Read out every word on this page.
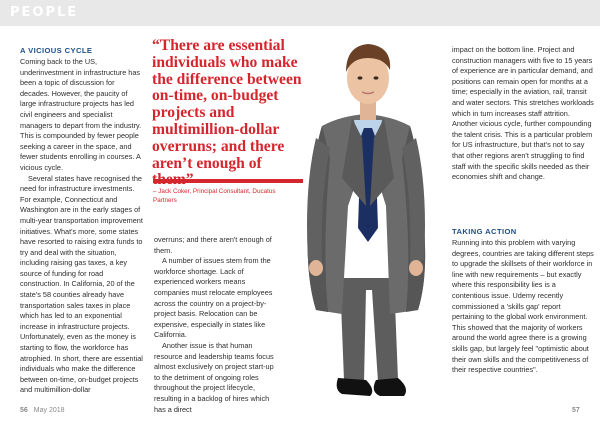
PEOPLE
A VICIOUS CYCLE

Coming back to the US, underinvestment in infrastructure has been a topic of discussion for decades. However, the paucity of large infrastructure projects has led civil engineers and specialist managers to depart from the industry. This is compounded by fewer people seeking a career in the space, and fewer students enrolling in courses. A vicious cycle.

Several states have recognised the need for infrastructure investments. For example, Connecticut and Washington are in the early stages of multi-year transportation improvement initiatives. What's more, some states have resorted to raising extra funds to try and deal with the situation, including raising gas taxes, a key source of funding for road construction. In California, 20 of the state's 58 counties already have transportation sales taxes in place which has led to an exponential increase in infrastructure projects. Unfortunately, even as the money is starting to flow, the workforce has atrophied. In short, there are essential individuals who make the difference between on-time, on-budget projects and multimillion-dollar

“There are essential individuals who make the difference between on-time, on-budget projects and multimillion-dollar overruns; and there aren’t enough of
– Jack Coker, Principal Consultant, Ducatus Partners

overruns; and there aren't enough of them.

A number of issues stem from the workforce shortage. Lack of experienced workers means companies must relocate employees across the country on a project-by-project basis. Relocation can be expensive, especially in states like California.

Another issue is that human resource and leadership teams focus almost exclusively on project start-up to the detriment of ongoing roles throughout the project lifecycle, resulting in a backlog of hires which has a direct

impact on the bottom line. Project and construction managers with five to 15 years of experience are in particular demand, and positions can remain open for months at a time; especially in the aviation, rail, transit and water sectors. This stretches workloads which in turn increases staff attrition. Another vicious cycle, further compounding the talent crisis. This is a particular problem for US infrastructure, but that's not to say that other regions aren't struggling to find staff with the specific skills needed as their economies shift and change.
TAKING ACTION

Running into this problem with varying degrees, countries are taking different steps to upgrade the skillsets of their workforce in line with new requirements – but exactly where this responsibility lies is a contentious issue. Udemy recently commissioned a 'skills gap' report pertaining to the global work environment. This showed that the majority of workers around the world agree there is a growing skills gap, but largely feel "optimistic about their own skills and the competitiveness of their respective countries".

56 May 2018	57
